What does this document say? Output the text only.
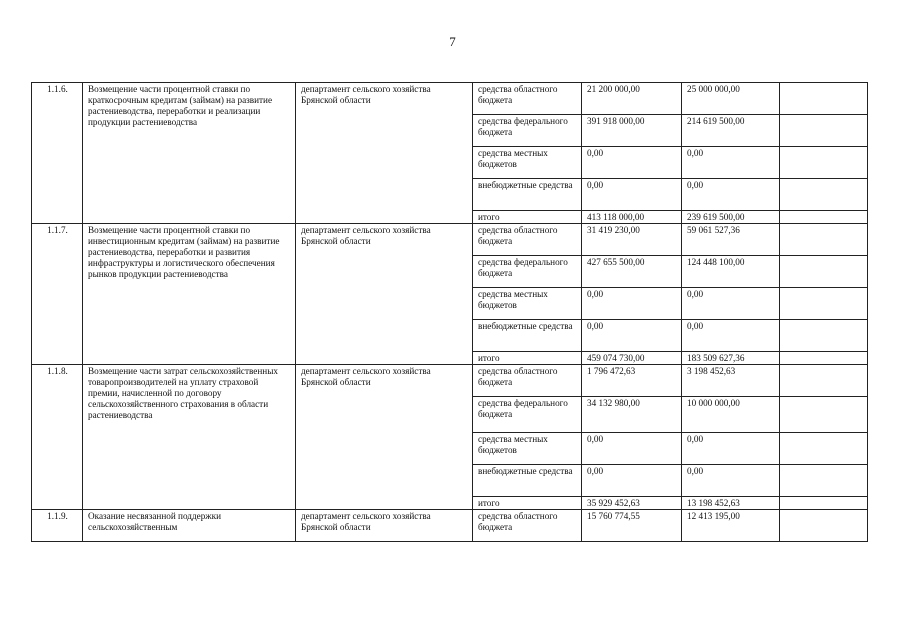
7
1.1.6.	Возмещение части процентной ставки по краткосрочным кредитам (займам) на развитие растениеводства, переработки и реализации продукции растениеводства	департамент сельского хозяйства Брянской области	средства областного бюджета	21 200 000,00	25 000 000,00	
			средства федерального бюджета	391 918 000,00	214 619 500,00	
			средства местных бюджетов	0,00	0,00	
			внебюджетные средства	0,00	0,00	
			итого	413 118 000,00	239 619 500,00	
1.1.7.	Возмещение части процентной ставки по инвестиционным кредитам (займам) на развитие растениеводства, переработки и развития инфраструктуры и логистического обеспечения рынков продукции растениеводства	департамент сельского хозяйства Брянской области	средства областного бюджета	31 419 230,00	59 061 527,36	
			средства федерального бюджета	427 655 500,00	124 448 100,00	
			средства местных бюджетов	0,00	0,00	
			внебюджетные средства	0,00	0,00	
			итого	459 074 730,00	183 509 627,36	
1.1.8.	Возмещение части затрат сельскохозяйственных товаропроизводителей на уплату страховой премии, начисленной по договору сельскохозяйственного страхования в области растениеводства	департамент сельского хозяйства Брянской области	средства областного бюджета	1 796 472,63	3 198 452,63	
			средства федерального бюджета	34 132 980,00	10 000 000,00	
			средства местных бюджетов	0,00	0,00	
			внебюджетные средства	0,00	0,00	
			итого	35 929 452,63	13 198 452,63	
1.1.9.	Оказание несвязанной поддержки сельскохозяйственным	департамент сельского хозяйства Брянской области	средства областного бюджета	15 760 774,55	12 413 195,00	
